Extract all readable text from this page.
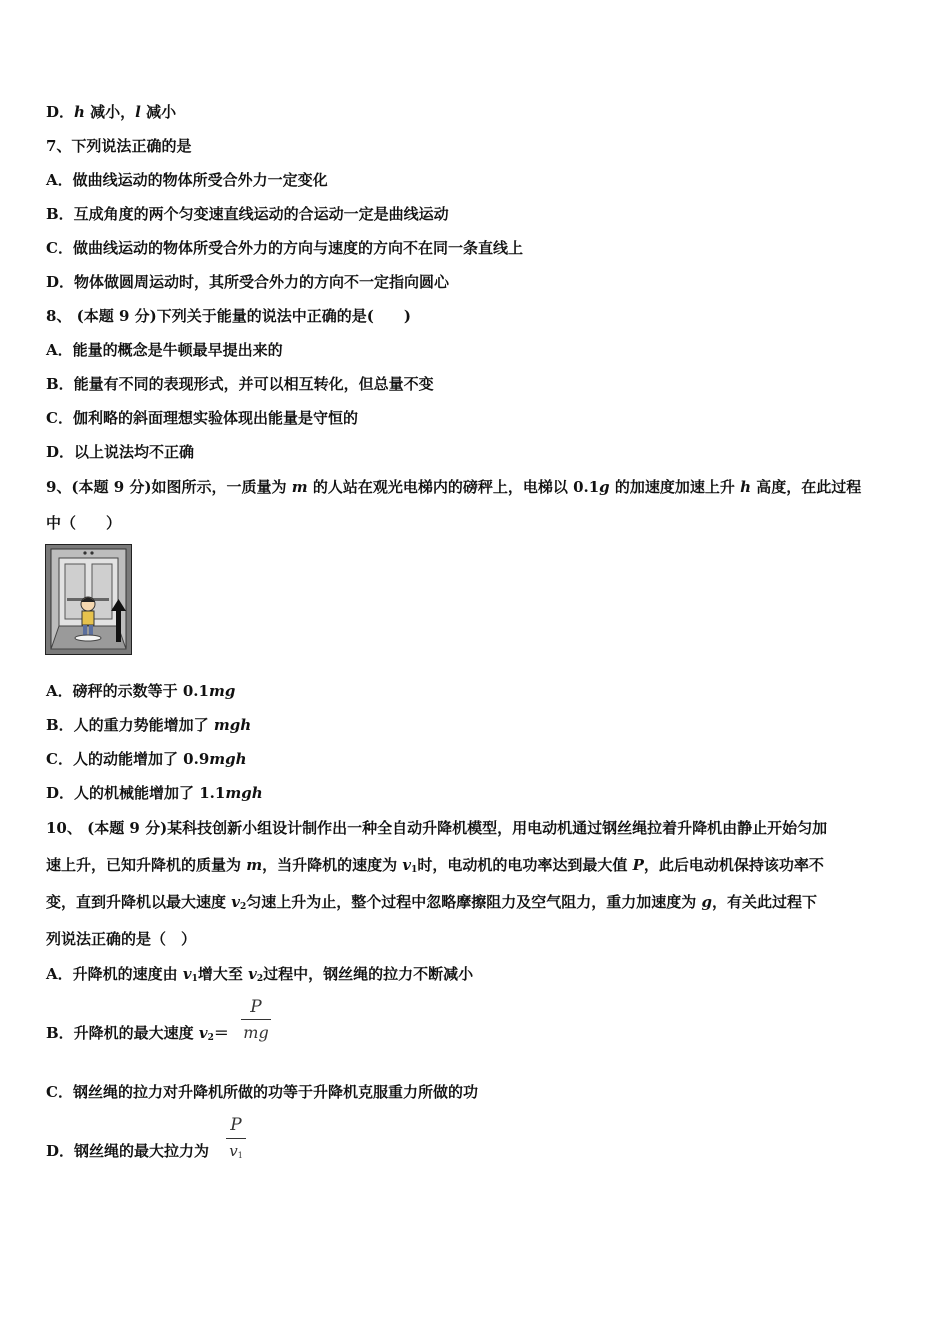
D．h 减小，l 减小
7、下列说法正确的是
A．做曲线运动的物体所受合外力一定变化
B．互成角度的两个匀变速直线运动的合运动一定是曲线运动
C．做曲线运动的物体所受合外力的方向与速度的方向不在同一条直线上
D．物体做圆周运动时，其所受合外力的方向不一定指向圆心
8、 (本题 9 分)下列关于能量的说法中正确的是(　　)
A．能量的概念是牛顿最早提出来的
B．能量有不同的表现形式，并可以相互转化，但总量不变
C．伽利略的斜面理想实验体现出能量是守恒的
D．以上说法均不正确
9、(本题 9 分)如图所示，一质量为 m 的人站在观光电梯内的磅秤上，电梯以 0.1g 的加速度加速上升 h 高度，在此过程
中（　　）
A．磅秤的示数等于 0.1mg
B．人的重力势能增加了 mgh
C．人的动能增加了 0.9mgh
D．人的机械能增加了 1.1mgh
10、 (本题 9 分)某科技创新小组设计制作出一种全自动升降机模型，用电动机通过钢丝绳拉着升降机由静止开始匀加
速上升，已知升降机的质量为 m，当升降机的速度为 $v_1$时，电动机的电功率达到最大值 P，此后电动机保持该功率不
变，直到升降机以最大速度 $v_2$匀速上升为止，整个过程中忽略摩擦阻力及空气阻力，重力加速度为 g，有关此过程下
列说法正确的是（　）
A．升降机的速度由 $v_1$增大至 $v_2$过程中，钢丝绳的拉力不断减小
B．升降机的最大速度 $v_2=$
P
mg
C．钢丝绳的拉力对升降机所做的功等于升降机克服重力所做的功
D．钢丝绳的最大拉力为
P
v1
